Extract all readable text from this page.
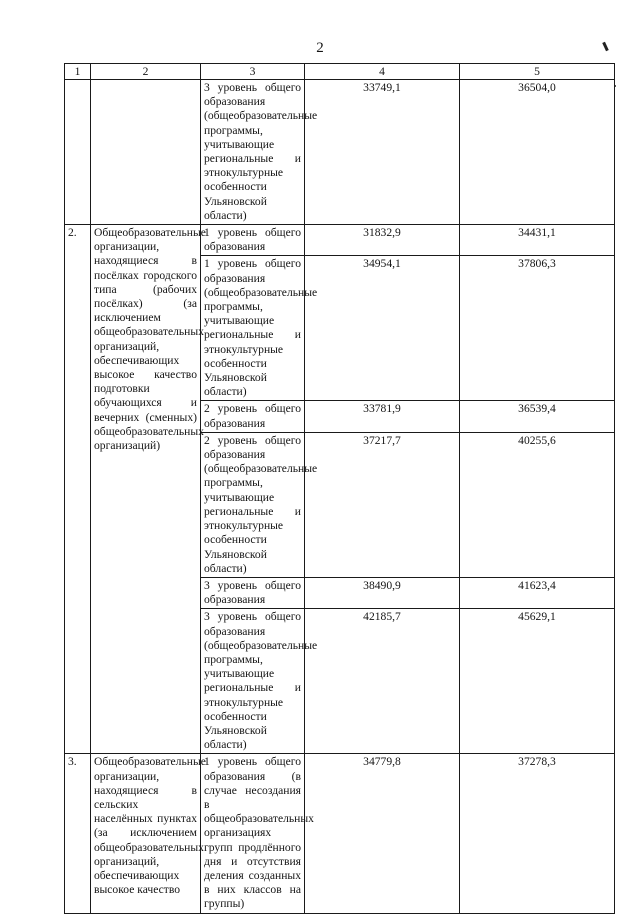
2
1	2	3	4	5
		3 уровень общего образования (общеобразовательные программы, учитывающие региональные и этнокультурные особенности Ульяновской области)	33749,1	36504,0
2.	Общеобразовательные организации, находящиеся в посёлках городского типа (рабочих посёлках) (за исключением общеобразовательных организаций, обеспечивающих высокое качество подготовки обучающихся и вечерних (сменных) общеобразовательных организаций)	1 уровень общего образования	31832,9	34431,1
		1 уровень общего образования (общеобразовательные программы, учитывающие региональные и этнокультурные особенности Ульяновской области)	34954,1	37806,3
		2 уровень общего образования	33781,9	36539,4
		2 уровень общего образования (общеобразовательные программы, учитывающие региональные и этнокультурные особенности Ульяновской области)	37217,7	40255,6
		3 уровень общего образования	38490,9	41623,4
		3 уровень общего образования (общеобразовательные программы, учитывающие региональные и этнокультурные особенности Ульяновской области)	42185,7	45629,1
3.	Общеобразовательные организации, находящиеся в сельских населённых пунктах (за исключением общеобразовательных организаций, обеспечивающих высокое качество	1 уровень общего образования (в случае несоздания в общеобразовательных организациях групп продлённого дня и отсутствия деления созданных в них классов на группы)	34779,8	37278,3
